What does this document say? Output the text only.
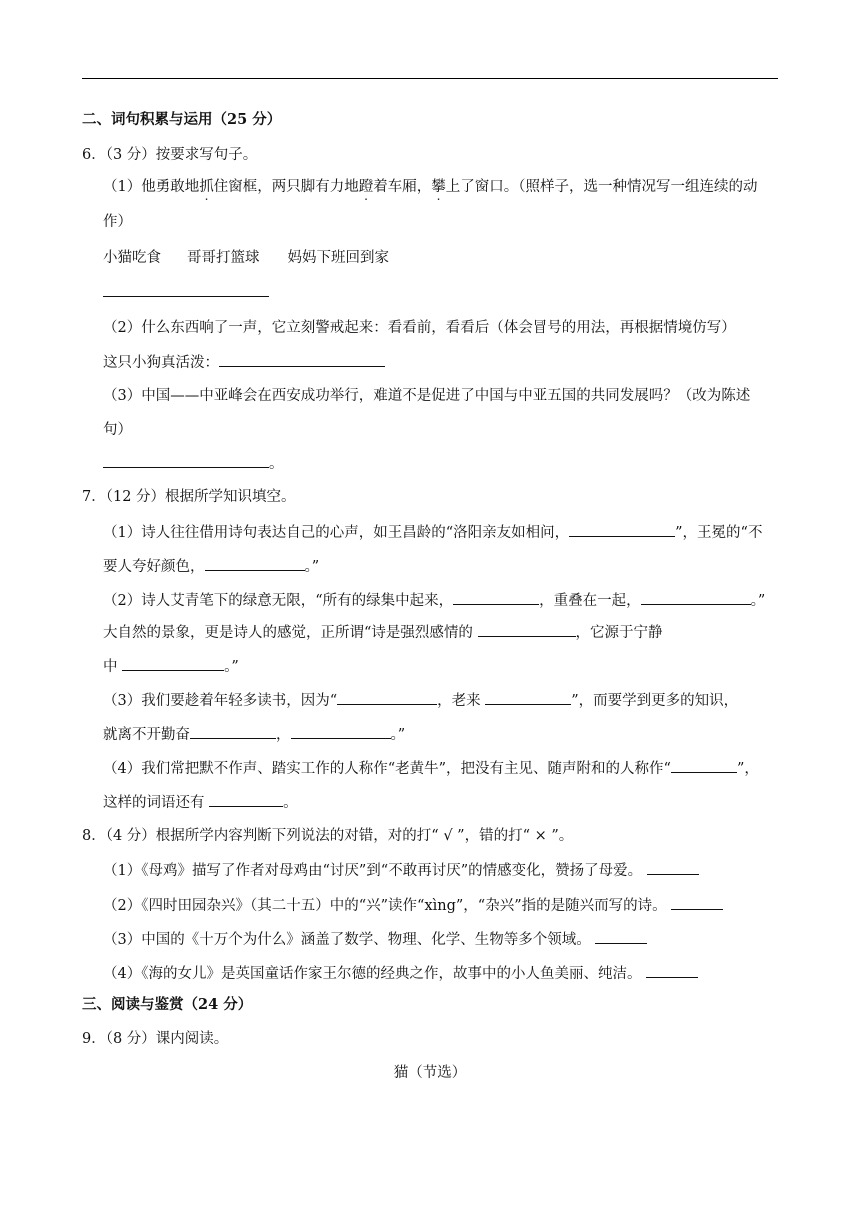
二、词句积累与运用（25 分）
6．（3 分）按要求写句子。
（1）他勇敢地抓住窗框，两只脚有力地蹬着车厢，攀上了窗口。（照样子，选一种情况写一组连续的动
作）
小猫吃食 哥哥打篮球 妈妈下班回到家
（2）什么东西响了一声，它立刻警戒起来：看看前，看看后（体会冒号的用法，再根据情境仿写）
这只小狗真活泼：
（3）中国——中亚峰会在西安成功举行，难道不是促进了中国与中亚五国的共同发展吗？（改为陈述
句）
。
7．（12 分）根据所学知识填空。
（1）诗人往往借用诗句表达自己的心声，如王昌龄的“洛阳亲友如相问，	”，王冕的“不
要人夸好颜色，	。”
（2）诗人艾青笔下的绿意无限，“所有的绿集中起来，	，重叠在一起，	。”
大自然的景象，更是诗人的感觉，正所谓“诗是强烈感情的	，它源于宁静
中	。”
（3）我们要趁着年轻多读书，因为“	，老来	”，而要学到更多的知识，
就离不开勤奋	，	。”
（4）我们常把默不作声、踏实工作的人称作“老黄牛”，把没有主见、随声附和的人称作“	”，
这样的词语还有	。
8．（4 分）根据所学内容判断下列说法的对错，对的打“ √ ”，错的打“ × ”。
（1）《母鸡》描写了作者对母鸡由“讨厌”到“不敢再讨厌”的情感变化，赞扬了母爱。
（2）《四时田园杂兴》（其二十五）中的“兴”读作“xìng”，“杂兴”指的是随兴而写的诗。
（3）中国的《十万个为什么》涵盖了数学、物理、化学、生物等多个领域。
（4）《海的女儿》是英国童话作家王尔德的经典之作，故事中的小人鱼美丽、纯洁。
三、阅读与鉴赏（24 分）
9．（8 分）课内阅读。
猫（节选）
